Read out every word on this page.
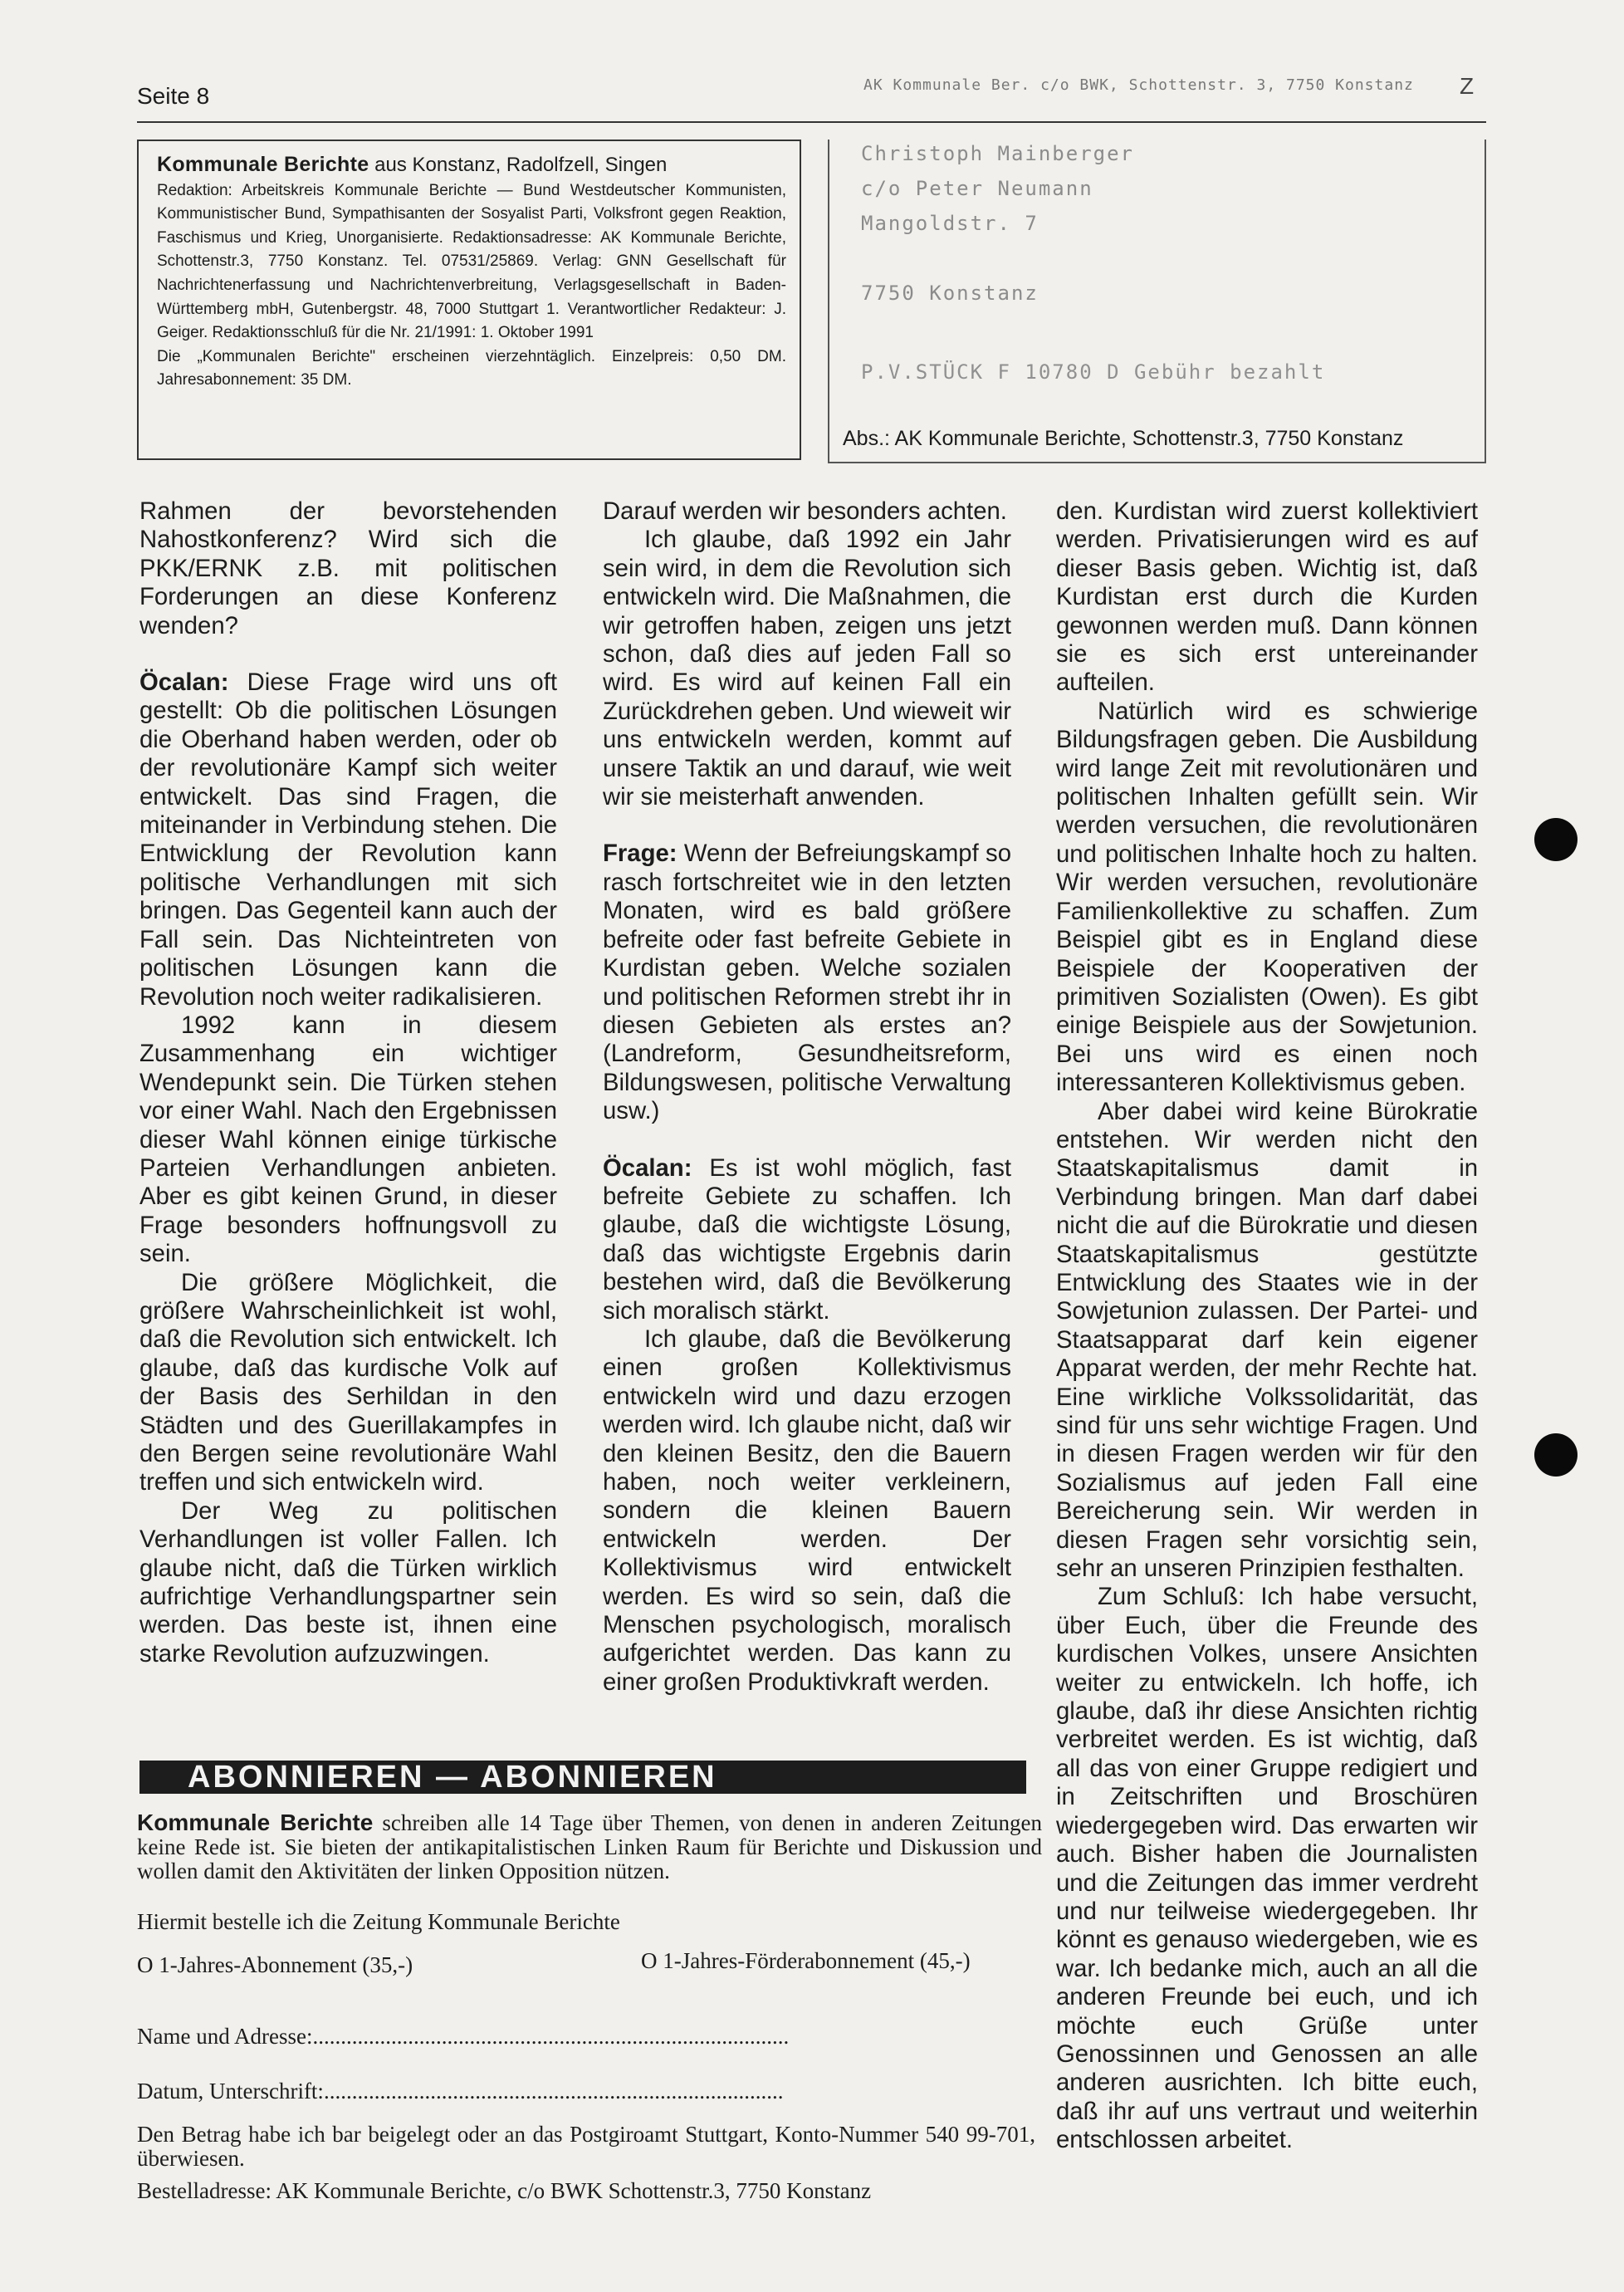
Seite 8	AK Kommunale Ber. c/o BWK, Schottenstr. 3, 7750 Konstanz Z
Kommunale Berichte aus Konstanz, Radolfzell, Singen
Redaktion: Arbeitskreis Kommunale Berichte — Bund Westdeutscher Kommunisten, Kommunistischer Bund, Sympathisanten der Sosyalist Parti, Volksfront gegen Reaktion, Faschismus und Krieg, Unorganisierte. Redaktionsadresse: AK Kommunale Berichte, Schottenstr.3, 7750 Konstanz. Tel. 07531/25869. Verlag: GNN Gesellschaft für Nachrichtenerfassung und Nachrichtenverbreitung, Verlagsgesellschaft in Baden-Württemberg mbH, Gutenbergstr. 48, 7000 Stuttgart 1. Verantwortlicher Redakteur: J. Geiger. Redaktionsschluß für die Nr. 21/1991: 1. Oktober 1991
Die „Kommunalen Berichte" erscheinen vierzehntäglich. Einzelpreis: 0,50 DM. Jahresabonnement: 35 DM.
Christoph Mainberger
c/o Peter Neumann
Mangoldstr. 7

7750 Konstanz
P.V.STÜCK F 10780 D Gebühr bezahlt
Abs.: AK Kommunale Berichte, Schottenstr.3, 7750 Konstanz

Rahmen der bevorstehenden Nahostkonferenz? Wird sich die PKK/ERNK z.B. mit politischen Forderungen an diese Konferenz wenden?

Öcalan: Diese Frage wird uns oft gestellt: Ob die politischen Lösungen die Oberhand haben werden, oder ob der revolutionäre Kampf sich weiter entwickelt. Das sind Fragen, die miteinander in Verbindung stehen. Die Entwicklung der Revolution kann politische Verhandlungen mit sich bringen. Das Gegenteil kann auch der Fall sein. Das Nichteintreten von politischen Lösungen kann die Revolution noch weiter radikalisieren.

1992 kann in diesem Zusammenhang ein wichtiger Wendepunkt sein. Die Türken stehen vor einer Wahl. Nach den Ergebnissen dieser Wahl können einige türkische Parteien Verhandlungen anbieten. Aber es gibt keinen Grund, in dieser Frage besonders hoffnungsvoll zu sein.

Die größere Möglichkeit, die größere Wahrscheinlichkeit ist wohl, daß die Revolution sich entwickelt. Ich glaube, daß das kurdische Volk auf der Basis des Serhildan in den Städten und des Guerillakampfes in den Bergen seine revolutionäre Wahl treffen und sich entwickeln wird.

Der Weg zu politischen Verhandlungen ist voller Fallen. Ich glaube nicht, daß die Türken wirklich aufrichtige Verhandlungspartner sein werden. Das beste ist, ihnen eine starke Revolution aufzuzwingen.

Darauf werden wir besonders achten.

Ich glaube, daß 1992 ein Jahr sein wird, in dem die Revolution sich entwickeln wird. Die Maßnahmen, die wir getroffen haben, zeigen uns jetzt schon, daß dies auf jeden Fall so wird. Es wird auf keinen Fall ein Zurückdrehen geben. Und wieweit wir uns entwickeln werden, kommt auf unsere Taktik an und darauf, wie weit wir sie meisterhaft anwenden.

Frage: Wenn der Befreiungskampf so rasch fortschreitet wie in den letzten Monaten, wird es bald größere befreite oder fast befreite Gebiete in Kurdistan geben. Welche sozialen und politischen Reformen strebt ihr in diesen Gebieten als erstes an? (Landreform, Gesundheitsreform, Bildungswesen, politische Verwaltung usw.)

Öcalan: Es ist wohl möglich, fast befreite Gebiete zu schaffen. Ich glaube, daß die wichtigste Lösung, daß das wichtigste Ergebnis darin bestehen wird, daß die Bevölkerung sich moralisch stärkt.

Ich glaube, daß die Bevölkerung einen großen Kollektivismus entwickeln wird und dazu erzogen werden wird. Ich glaube nicht, daß wir den kleinen Besitz, den die Bauern haben, noch weiter verkleinern, sondern die kleinen Bauern entwickeln werden. Der Kollektivismus wird entwickelt werden. Es wird so sein, daß die Menschen psychologisch, moralisch aufgerichtet werden. Das kann zu einer großen Produktivkraft werden.

den. Kurdistan wird zuerst kollektiviert werden. Privatisierungen wird es auf dieser Basis geben. Wichtig ist, daß Kurdistan erst durch die Kurden gewonnen werden muß. Dann können sie es sich erst untereinander aufteilen.

Natürlich wird es schwierige Bildungsfragen geben. Die Ausbildung wird lange Zeit mit revolutionären und politischen Inhalten gefüllt sein. Wir werden versuchen, die revolutionären und politischen Inhalte hoch zu halten. Wir werden versuchen, revolutionäre Familienkollektive zu schaffen. Zum Beispiel gibt es in England diese Beispiele der Kooperativen der primitiven Sozialisten (Owen). Es gibt einige Beispiele aus der Sowjetunion. Bei uns wird es einen noch interessanteren Kollektivismus geben.

Aber dabei wird keine Bürokratie entstehen. Wir werden nicht den Staatskapitalismus damit in Verbindung bringen. Man darf dabei nicht die auf die Bürokratie und diesen Staatskapitalismus gestützte Entwicklung des Staates wie in der Sowjetunion zulassen. Der Partei- und Staatsapparat darf kein eigener Apparat werden, der mehr Rechte hat. Eine wirkliche Volkssolidarität, das sind für uns sehr wichtige Fragen. Und in diesen Fragen werden wir für den Sozialismus auf jeden Fall eine Bereicherung sein. Wir werden in diesen Fragen sehr vorsichtig sein, sehr an unseren Prinzipien festhalten.

Zum Schluß: Ich habe versucht, über Euch, über die Freunde des kurdischen Volkes, unsere Ansichten weiter zu entwickeln. Ich hoffe, ich glaube, daß ihr diese Ansichten richtig verbreitet werden. Es ist wichtig, daß all das von einer Gruppe redigiert und in Zeitschriften und Broschüren wiedergegeben wird. Das erwarten wir auch. Bisher haben die Journalisten und die Zeitungen das immer verdreht und nur teilweise wiedergegeben. Ihr könnt es genauso wiedergeben, wie es war. Ich bedanke mich, auch an all die anderen Freunde bei euch, und ich möchte euch Grüße unter Genossinnen und Genossen an alle anderen ausrichten. Ich bitte euch, daß ihr auf uns vertraut und weiterhin entschlossen arbeitet.

ABONNIEREN — ABONNIEREN
Kommunale Berichte schreiben alle 14 Tage über Themen, von denen in anderen Zeitungen keine Rede ist. Sie bieten der antikapitalistischen Linken Raum für Berichte und Diskussion und wollen damit den Aktivitäten der linken Opposition nützen.
Hiermit bestelle ich die Zeitung Kommunale Berichte
O 1-Jahres-Abonnement (35,-)	O 1-Jahres-Förderabonnement (45,-)
Name und Adresse:.....................................................................................
Datum, Unterschrift:..................................................................................
Den Betrag habe ich bar beigelegt oder an das Postgiroamt Stuttgart, Konto-Nummer 540 99-701, überwiesen.
Bestelladresse: AK Kommunale Berichte, c/o BWK Schottenstr.3, 7750 Konstanz
